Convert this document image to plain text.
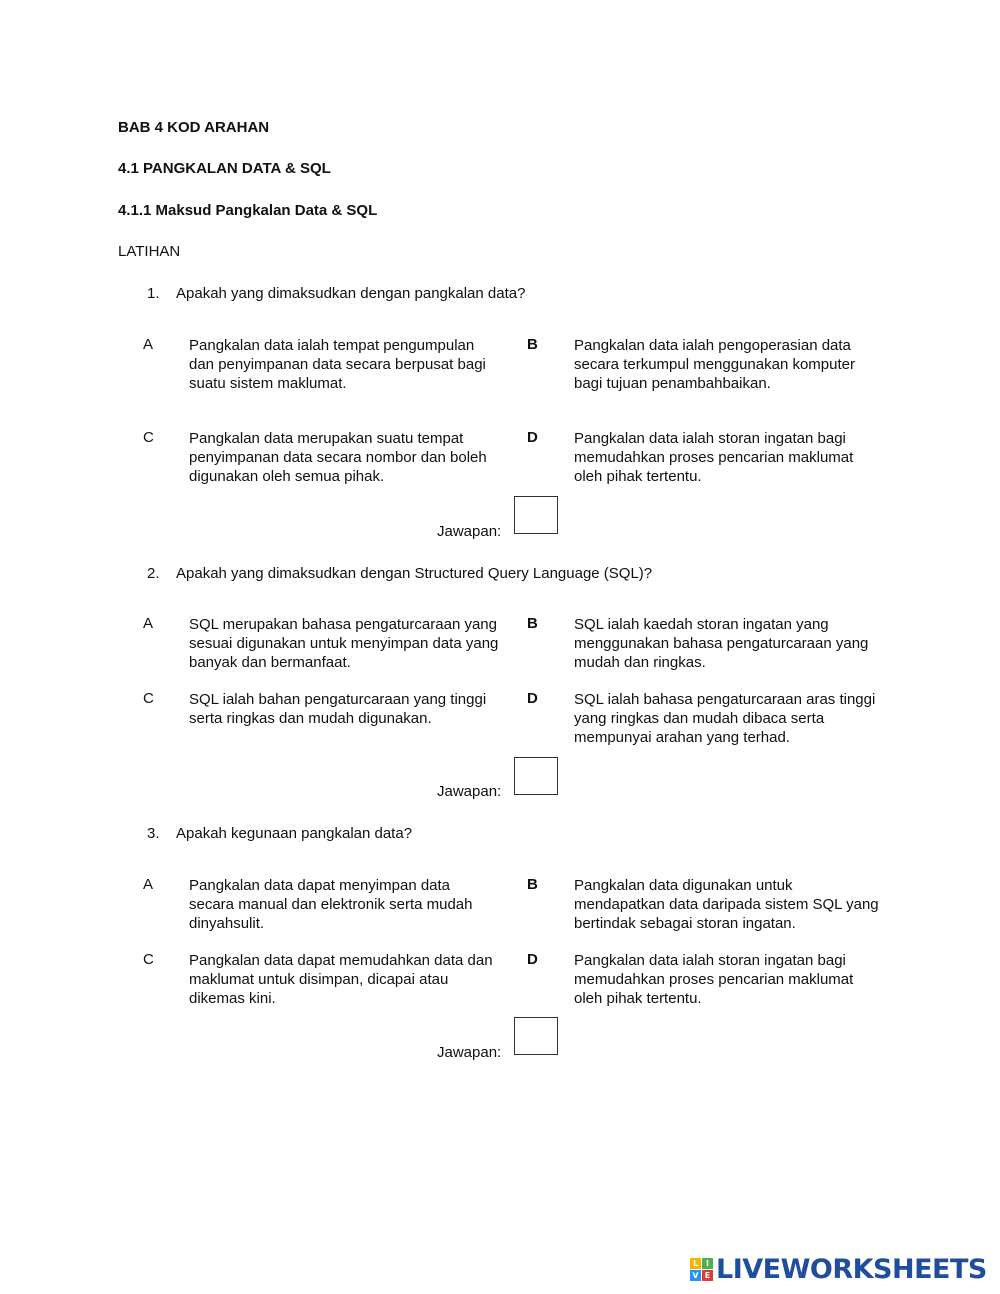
BAB 4 KOD ARAHAN
4.1 PANGKALAN DATA & SQL
4.1.1 Maksud Pangkalan Data & SQL
LATIHAN
1. Apakah yang dimaksudkan dengan pangkalan data?
A Pangkalan data ialah tempat pengumpulan dan penyimpanan data secara berpusat bagi suatu sistem maklumat.
B Pangkalan data ialah pengoperasian data secara terkumpul menggunakan komputer bagi tujuan penambahbaikan.
C Pangkalan data merupakan suatu tempat penyimpanan data secara nombor dan boleh digunakan oleh semua pihak.
D Pangkalan data ialah storan ingatan bagi memudahkan proses pencarian maklumat oleh pihak tertentu.
Jawapan:
2. Apakah yang dimaksudkan dengan Structured Query Language (SQL)?
A SQL merupakan bahasa pengaturcaraan yang sesuai digunakan untuk menyimpan data yang banyak dan bermanfaat.
B SQL ialah kaedah storan ingatan yang menggunakan bahasa pengaturcaraan yang mudah dan ringkas.
C SQL ialah bahan pengaturcaraan yang tinggi serta ringkas dan mudah digunakan.
D SQL ialah bahasa pengaturcaraan aras tinggi yang ringkas dan mudah dibaca serta mempunyai arahan yang terhad.
Jawapan:
3. Apakah kegunaan pangkalan data?
A Pangkalan data dapat menyimpan data secara manual dan elektronik serta mudah dinyahsulit.
B Pangkalan data digunakan untuk mendapatkan data daripada sistem SQL yang bertindak sebagai storan ingatan.
C Pangkalan data dapat memudahkan data dan maklumat untuk disimpan, dicapai atau dikemas kini.
D Pangkalan data ialah storan ingatan bagi memudahkan proses pencarian maklumat oleh pihak tertentu.
Jawapan:
L I
V E LIVEWORKSHEETS
